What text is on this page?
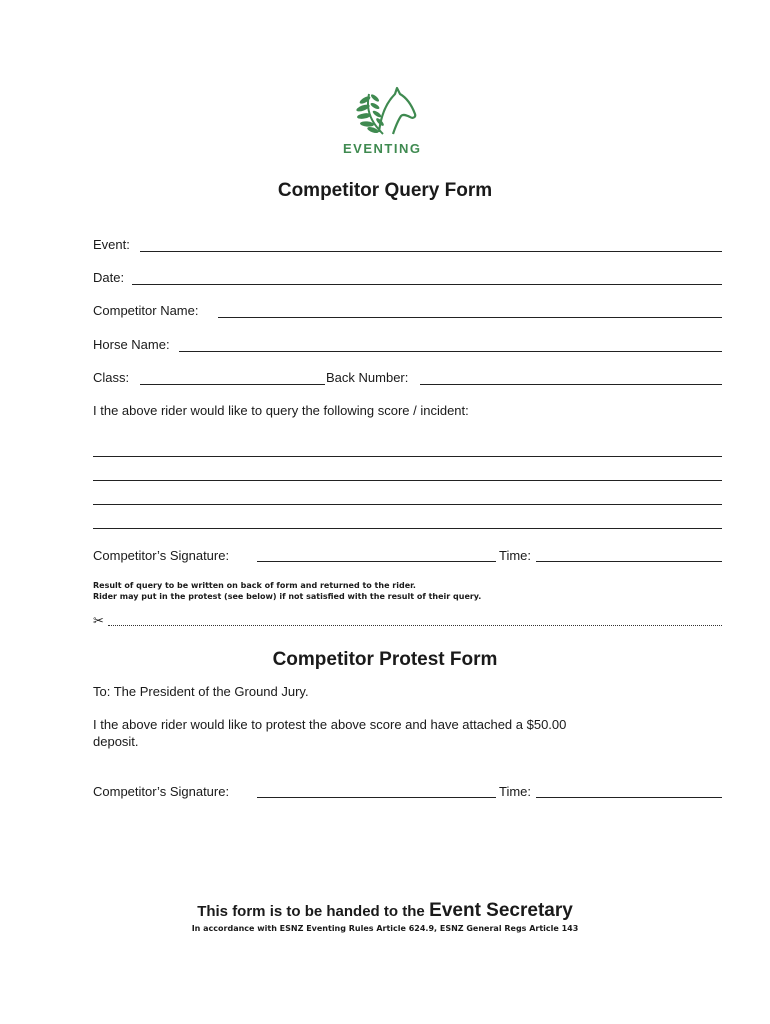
EVENTING
Competitor Query Form
Event:
Date:
Competitor Name:
Horse Name:
Class:	Back Number:
I the above rider would like to query the following score / incident:
Competitor’s Signature:	Time:
Result of query to be written on back of form and returned to the rider.
Rider may put in the protest (see below) if not satisfied with the result of their query.
✂
Competitor Protest Form
To: The President of the Ground Jury.
I the above rider would like to protest the above score and have attached a $50.00
deposit.
Competitor’s Signature:	Time:
This form is to be handed to the Event Secretary
In accordance with ESNZ Eventing Rules Article 624.9, ESNZ General Regs Article 143
